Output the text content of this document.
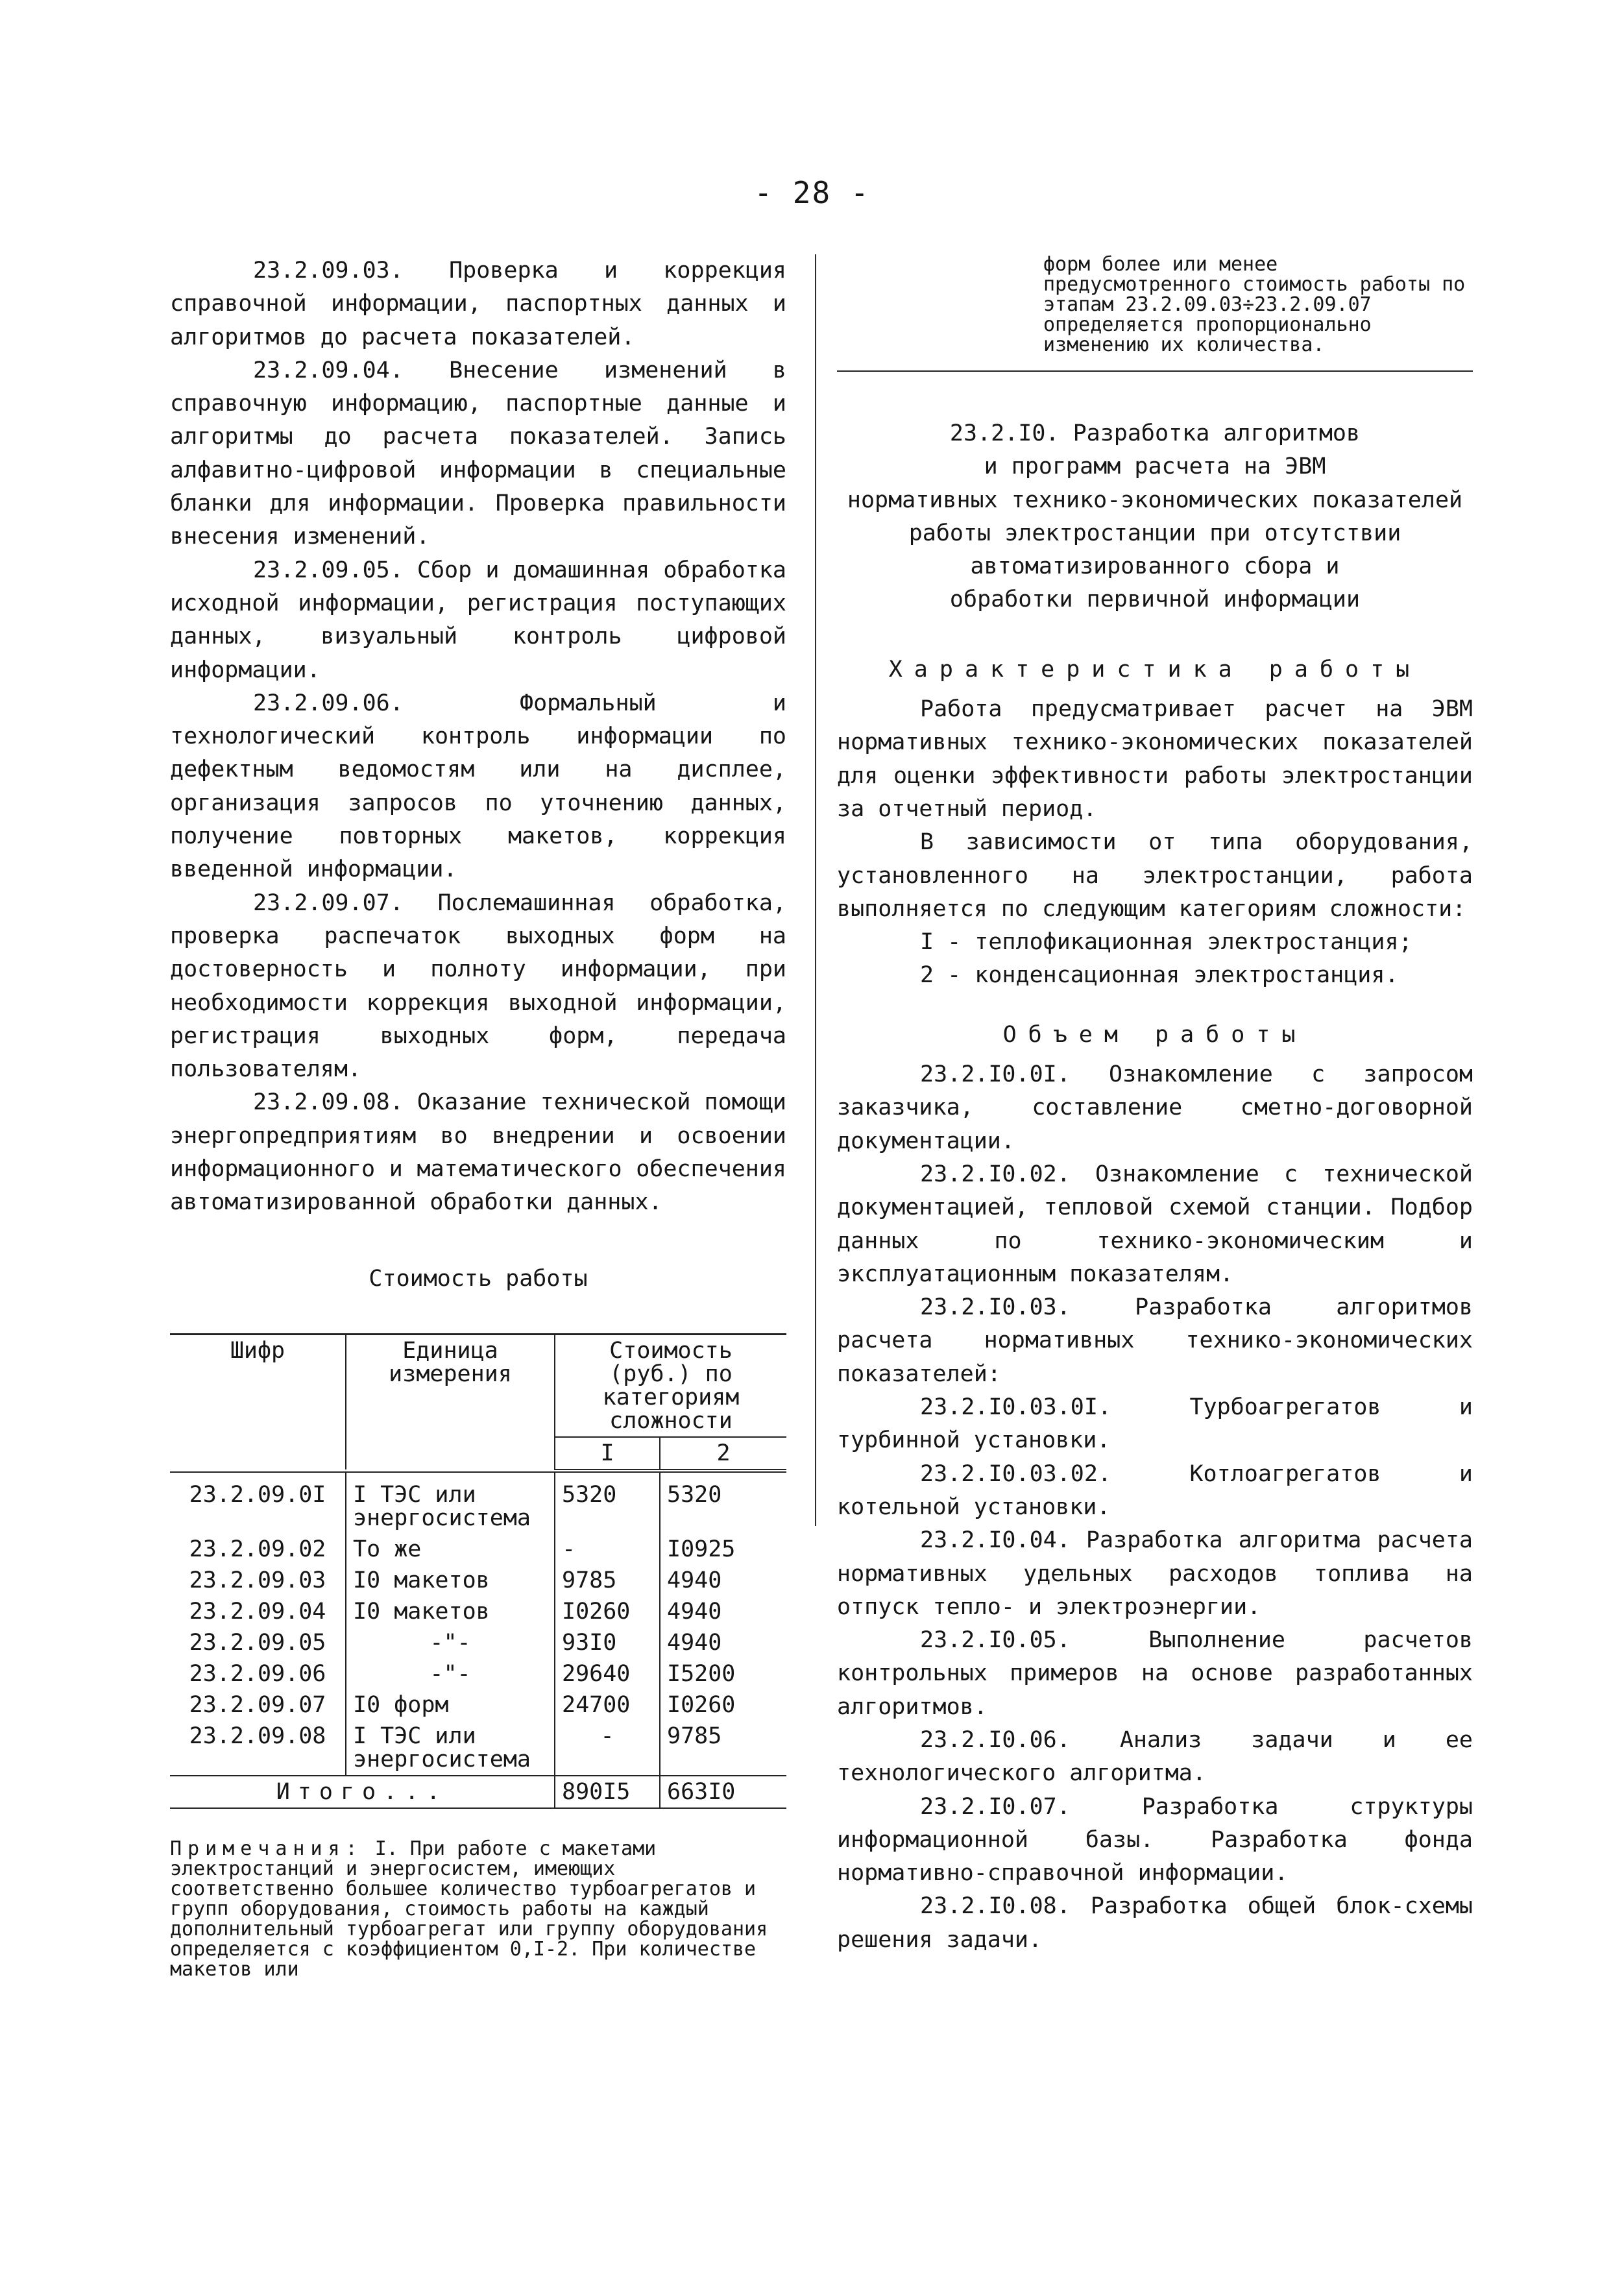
- 28 -

23.2.09.03. Проверка и коррекция справочной информации, паспортных данных и алгоритмов до расчета показателей.

23.2.09.04. Внесение изменений в справочную информацию, паспортные данные и алгоритмы до расчета показателей. Запись алфавитно-цифровой информации в специальные бланки для информации. Проверка правильности внесения изменений.

23.2.09.05. Сбор и домашинная обработка исходной информации, регистрация поступающих данных, визуальный контроль цифровой информации.

23.2.09.06. Формальный и технологический контроль информации по дефектным ведомостям или на дисплее, организация запросов по уточнению данных, получение повторных макетов, коррекция введенной информации.

23.2.09.07. Послемашинная обработка, проверка распечаток выходных форм на достоверность и полноту информации, при необходимости коррекция выходной информации, регистрация выходных форм, передача пользователям.

23.2.09.08. Оказание технической помощи энергопредприятиям во внедрении и освоении информационного и математического обеспечения автоматизированной обработки данных.

Стоимость работы

Шифр	Единица измерения	Стоимость (руб.) по категориям сложности	
		I	2

23.2.09.0I	I ТЭС или энергосистема	5320	5320
23.2.09.02	То же	-	I0925
23.2.09.03	I0 макетов	9785	4940
23.2.09.04	I0 макетов	I0260	4940
23.2.09.05	-"-	93I0	4940
23.2.09.06	-"-	29640	I5200
23.2.09.07	I0 форм	24700	I0260
23.2.09.08	I ТЭС или энергосистема	-	9785
Итого...		890I5	663I0
Примечания: I. При работе с макетами электростанций и энергосистем, имеющих соответственно большее количество турбоагрегатов и групп оборудования, стоимость работы на каждый дополнительный турбоагрегат или группу оборудования определяется с коэффициентом 0,I-2. При количестве макетов или
форм более или менее предусмотренного стоимость работы по этапам 23.2.09.03÷23.2.09.07 определяется пропорционально изменению их количества.
23.2.I0. Разработка алгоритмов
и программ расчета на ЭВМ
нормативных технико-экономических показателей
работы электростанции при отсутствии
автоматизированного сбора и
обработки первичной информации

Характеристика работы

Работа предусматривает расчет на ЭВМ нормативных технико-экономических показателей для оценки эффективности работы электростанции за отчетный период.

В зависимости от типа оборудования, установленного на электростанции, работа выполняется по следующим категориям сложности:

I - теплофикационная электростанция;

2 - конденсационная электростанция.

Объем работы

23.2.I0.0I. Ознакомление с запросом заказчика, составление сметно-договорной документации.

23.2.I0.02. Ознакомление с технической документацией, тепловой схемой станции. Подбор данных по технико-экономическим и эксплуатационным показателям.

23.2.I0.03. Разработка алгоритмов расчета нормативных технико-экономических показателей:

23.2.I0.03.0I. Турбоагрегатов и турбинной установки.

23.2.I0.03.02. Котлоагрегатов и котельной установки.

23.2.I0.04. Разработка алгоритма расчета нормативных удельных расходов топлива на отпуск тепло- и электроэнергии.

23.2.I0.05. Выполнение расчетов контрольных примеров на основе разработанных алгоритмов.

23.2.I0.06. Анализ задачи и ее технологического алгоритма.

23.2.I0.07. Разработка структуры информационной базы. Разработка фонда нормативно-справочной информации.

23.2.I0.08. Разработка общей блок-схемы решения задачи.
